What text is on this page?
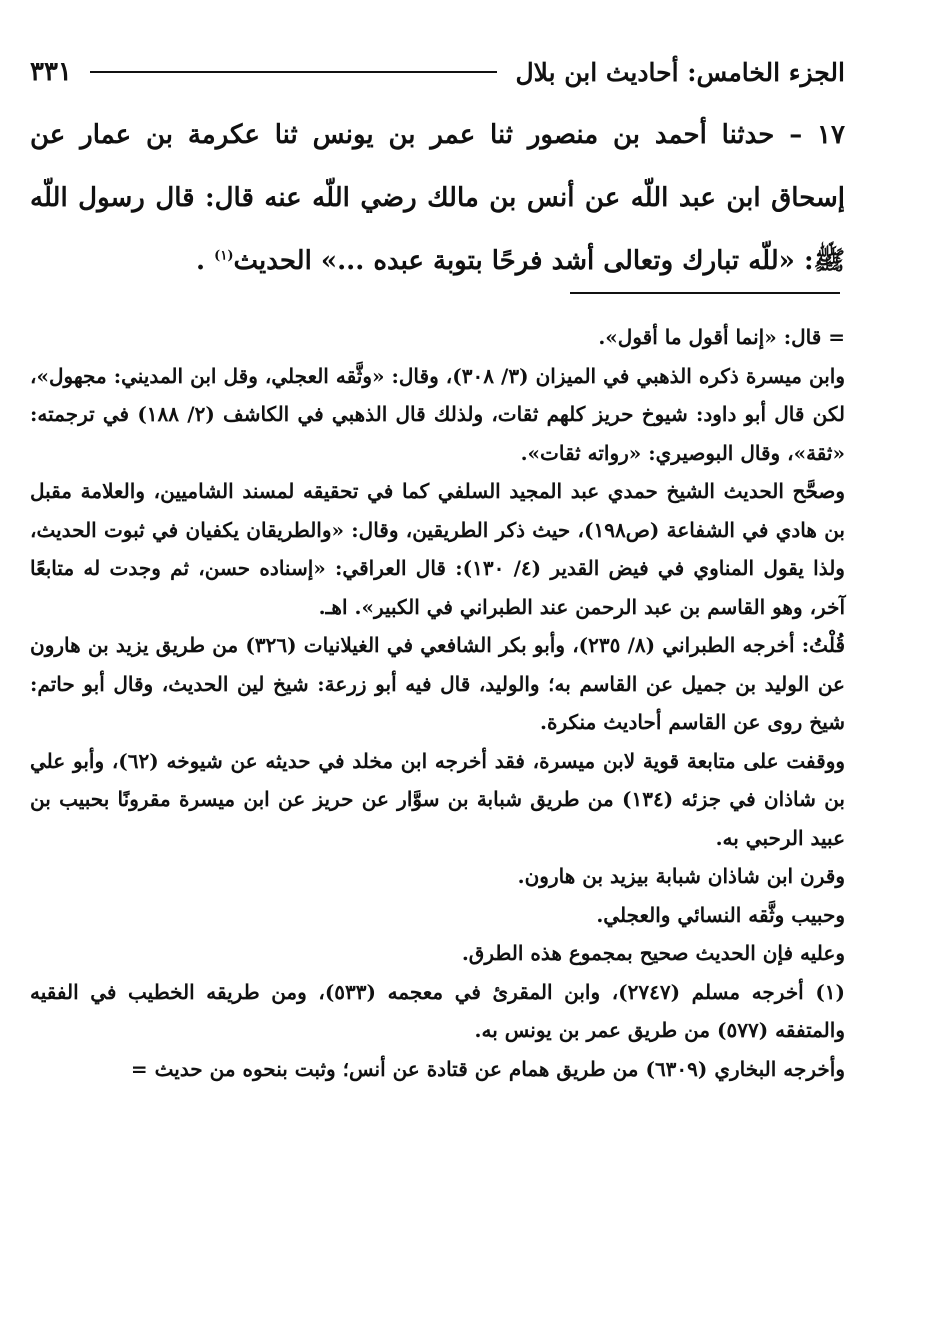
الجزء الخامس: أحاديث ابن بلال
٣٣١
١٧ – حدثنا أحمد بن منصور ثنا عمر بن يونس ثنا عكرمة بن عمار عن إسحاق ابن عبد اللّه عن أنس بن مالك رضي اللّه عنه قال: قال رسول اللّه ﷺ: «للّه تبارك وتعالى أشد فرحًا بتوبة عبده ...» الحديث$^{(١)}$ .

= قال: «إنما أقول ما أقول».

وابن ميسرة ذكره الذهبي في الميزان (٣/ ٣٠٨)، وقال: «وثَّقه العجلي، وقل ابن المديني: مجهول»، لكن قال أبو داود: شيوخ حريز كلهم ثقات، ولذلك قال الذهبي في الكاشف (٢/ ١٨٨) في ترجمته: «ثقة»، وقال البوصيري: «رواته ثقات».

وصحَّح الحديث الشيخ حمدي عبد المجيد السلفي كما في تحقيقه لمسند الشاميين، والعلامة مقبل بن هادي في الشفاعة (ص١٩٨)، حيث ذكر الطريقين، وقال: «والطريقان يكفيان في ثبوت الحديث، ولذا يقول المناوي في فيض القدير (٤/ ١٣٠): قال العراقي: «إسناده حسن، ثم وجدت له متابعًا آخر، وهو القاسم بن عبد الرحمن عند الطبراني في الكبير». اهـ.

قُلْتُ: أخرجه الطبراني (٨/ ٢٣٥)، وأبو بكر الشافعي في الغيلانيات (٣٢٦) من طريق يزيد بن هارون عن الوليد بن جميل عن القاسم به؛ والوليد، قال فيه أبو زرعة: شيخ لين الحديث، وقال أبو حاتم: شيخ روى عن القاسم أحاديث منكرة.

ووقفت على متابعة قوية لابن ميسرة، فقد أخرجه ابن مخلد في حديثه عن شيوخه (٦٢)، وأبو علي بن شاذان في جزئه (١٣٤) من طريق شبابة بن سوَّار عن حريز عن ابن ميسرة مقرونًا بحبيب بن عبيد الرحبي به.

وقرن ابن شاذان شبابة بيزيد بن هارون.

وحبيب وثَّقه النسائي والعجلي.

وعليه فإن الحديث صحيح بمجموع هذه الطرق.

(١) أخرجه مسلم (٢٧٤٧)، وابن المقرئ في معجمه (٥٣٣)، ومن طريقه الخطيب في الفقيه والمتفقه (٥٧٧) من طريق عمر بن يونس به.

وأخرجه البخاري (٦٣٠٩) من طريق همام عن قتادة عن أنس؛ وثبت بنحوه من حديث =
